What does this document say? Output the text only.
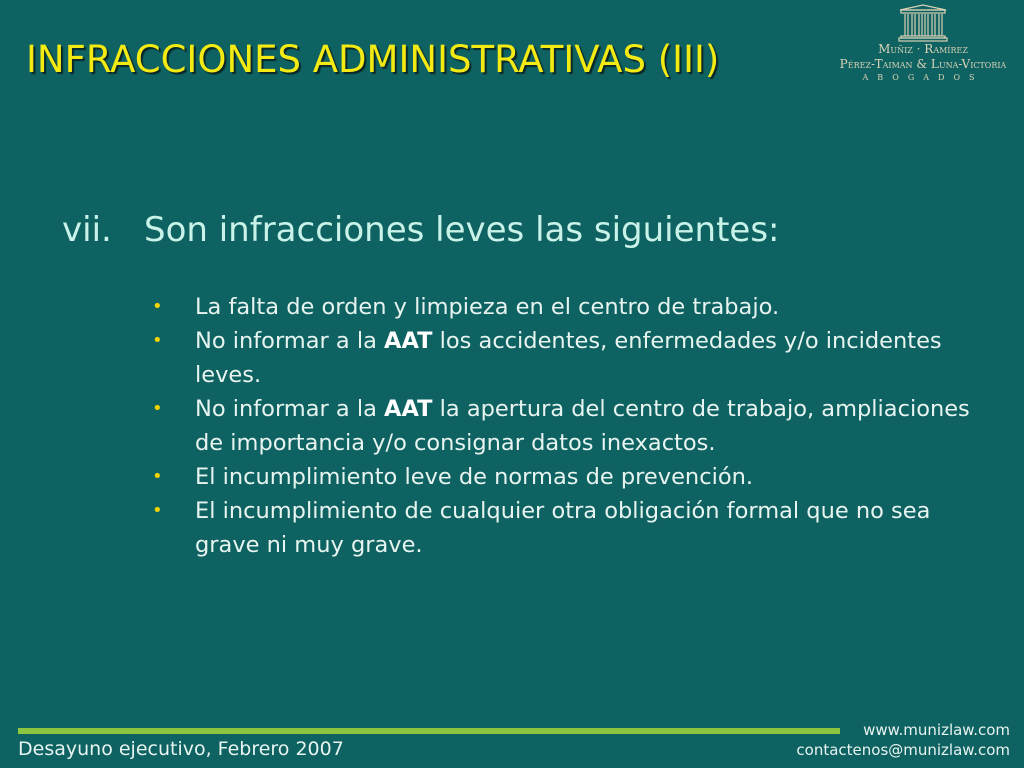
INFRACCIONES ADMINISTRATIVAS (III)	Muñiz · Ramírez
Pérez-Taiman & Luna-Victoria
ABOGADOS
vii. Son infracciones leves las siguientes:
• La falta de orden y limpieza en el centro de trabajo.
• No informar a la AAT los accidentes, enfermedades y/o incidentes leves.
• No informar a la AAT la apertura del centro de trabajo, ampliaciones de importancia y/o consignar datos inexactos.
• El incumplimiento leve de normas de prevención.
• El incumplimiento de cualquier otra obligación formal que no sea grave ni muy grave.
Desayuno ejecutivo, Febrero 2007
www.munizlaw.com
contactenos@munizlaw.com
